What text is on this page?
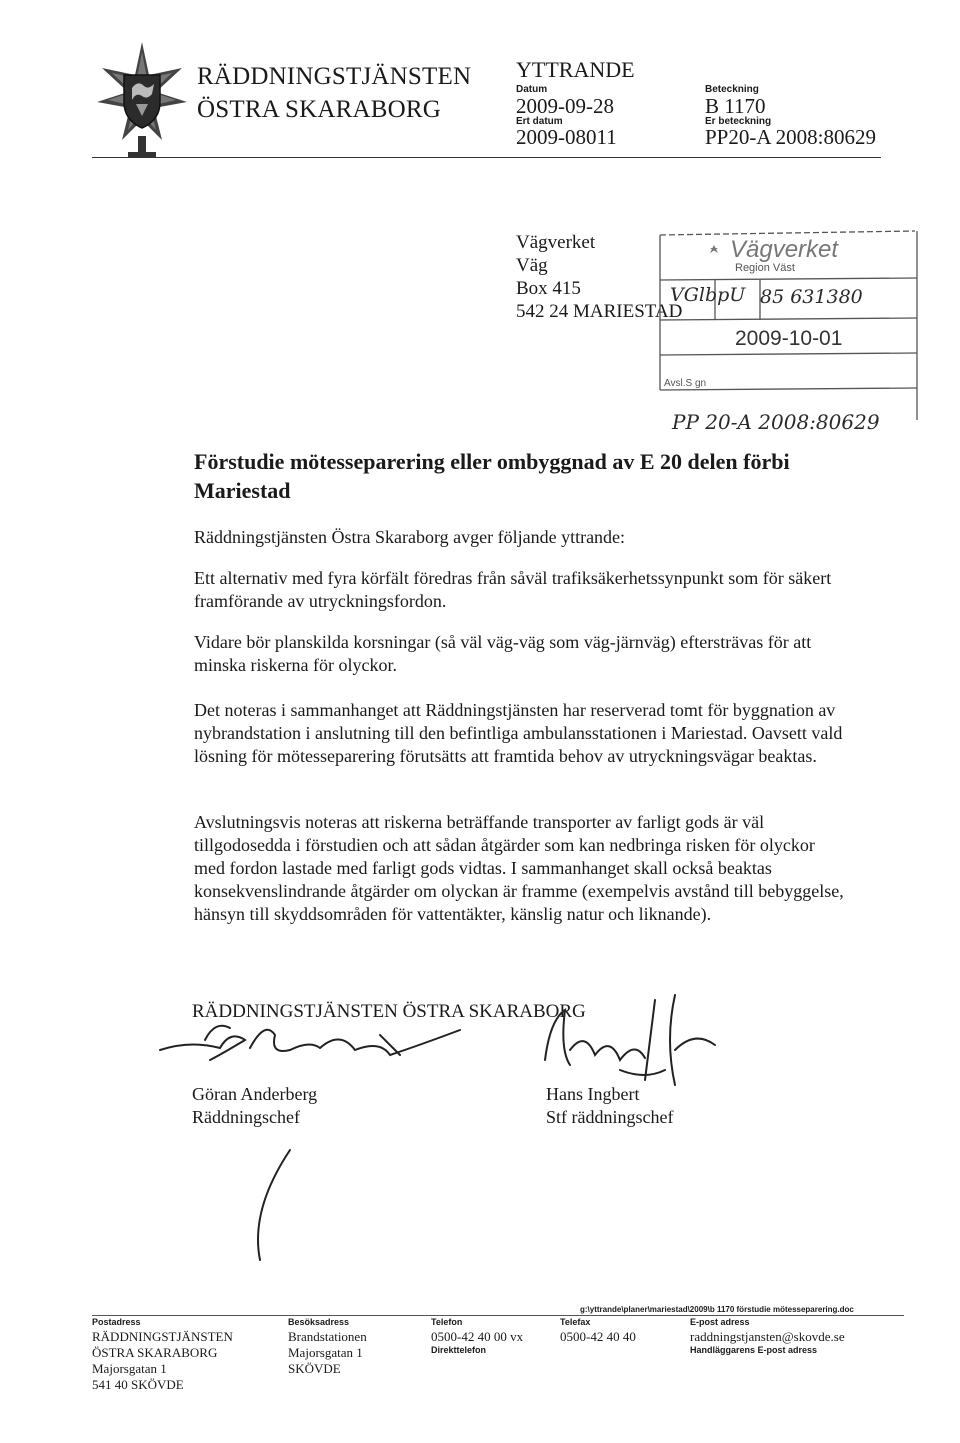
RÄDDNINGSTJÄNSTEN
ÖSTRA SKARABORG
YTTRANDE
Datum
2009-09-28
Ert datum
2009-08011
Beteckning
B 1170
Er beteckning
PP20-A 2008:80629
Vägverket
Väg
Box 415
542 24 MARIESTAD
Vägverket
Region Väst
VGlbpU 85 631380
2009-10-01
Avsl.S gn
PP 20-A 2008:80629
Förstudie mötesseparering eller ombyggnad av E 20 delen förbi Mariestad
Räddningstjänsten Östra Skaraborg avger följande yttrande:
Ett alternativ med fyra körfält föredras från såväl trafiksäkerhetssynpunkt som för säkert framförande av utryckningsfordon.
Vidare bör planskilda korsningar (så väl väg-väg som väg-järnväg) eftersträvas för att minska riskerna för olyckor.
Det noteras i sammanhanget att Räddningstjänsten har reserverad tomt för byggnation av nybrandstation i anslutning till den befintliga ambulansstationen i Mariestad. Oavsett vald lösning för mötesseparering förutsätts att framtida behov av utryckningsvägar beaktas.
Avslutningsvis noteras att riskerna beträffande transporter av farligt gods är väl tillgodosedda i förstudien och att sådan åtgärder som kan nedbringa risken för olyckor med fordon lastade med farligt gods vidtas. I sammanhanget skall också beaktas konsekvenslindrande åtgärder om olyckan är framme (exempelvis avstånd till bebyggelse, hänsyn till skyddsområden för vattentäkter, känslig natur och liknande).
RÄDDNINGSTJÄNSTEN ÖSTRA SKARABORG
Göran Anderberg
Räddningschef
Hans Ingbert
Stf räddningschef
g:\yttrande\planer\mariestad\2009\b 1170 förstudie mötesseparering.doc
Postadress
RÄDDNINGSTJÄNSTEN
ÖSTRA SKARABORG
Majorsgatan 1
541 40 SKÖVDE
Besöksadress
Brandstationen
Majorsgatan 1
SKÖVDE
Telefon
0500-42 40 00 vx
Direkttelefon
Telefax
0500-42 40 40
E-post adress
raddningstjansten@skovde.se
Handläggarens E-post adress
